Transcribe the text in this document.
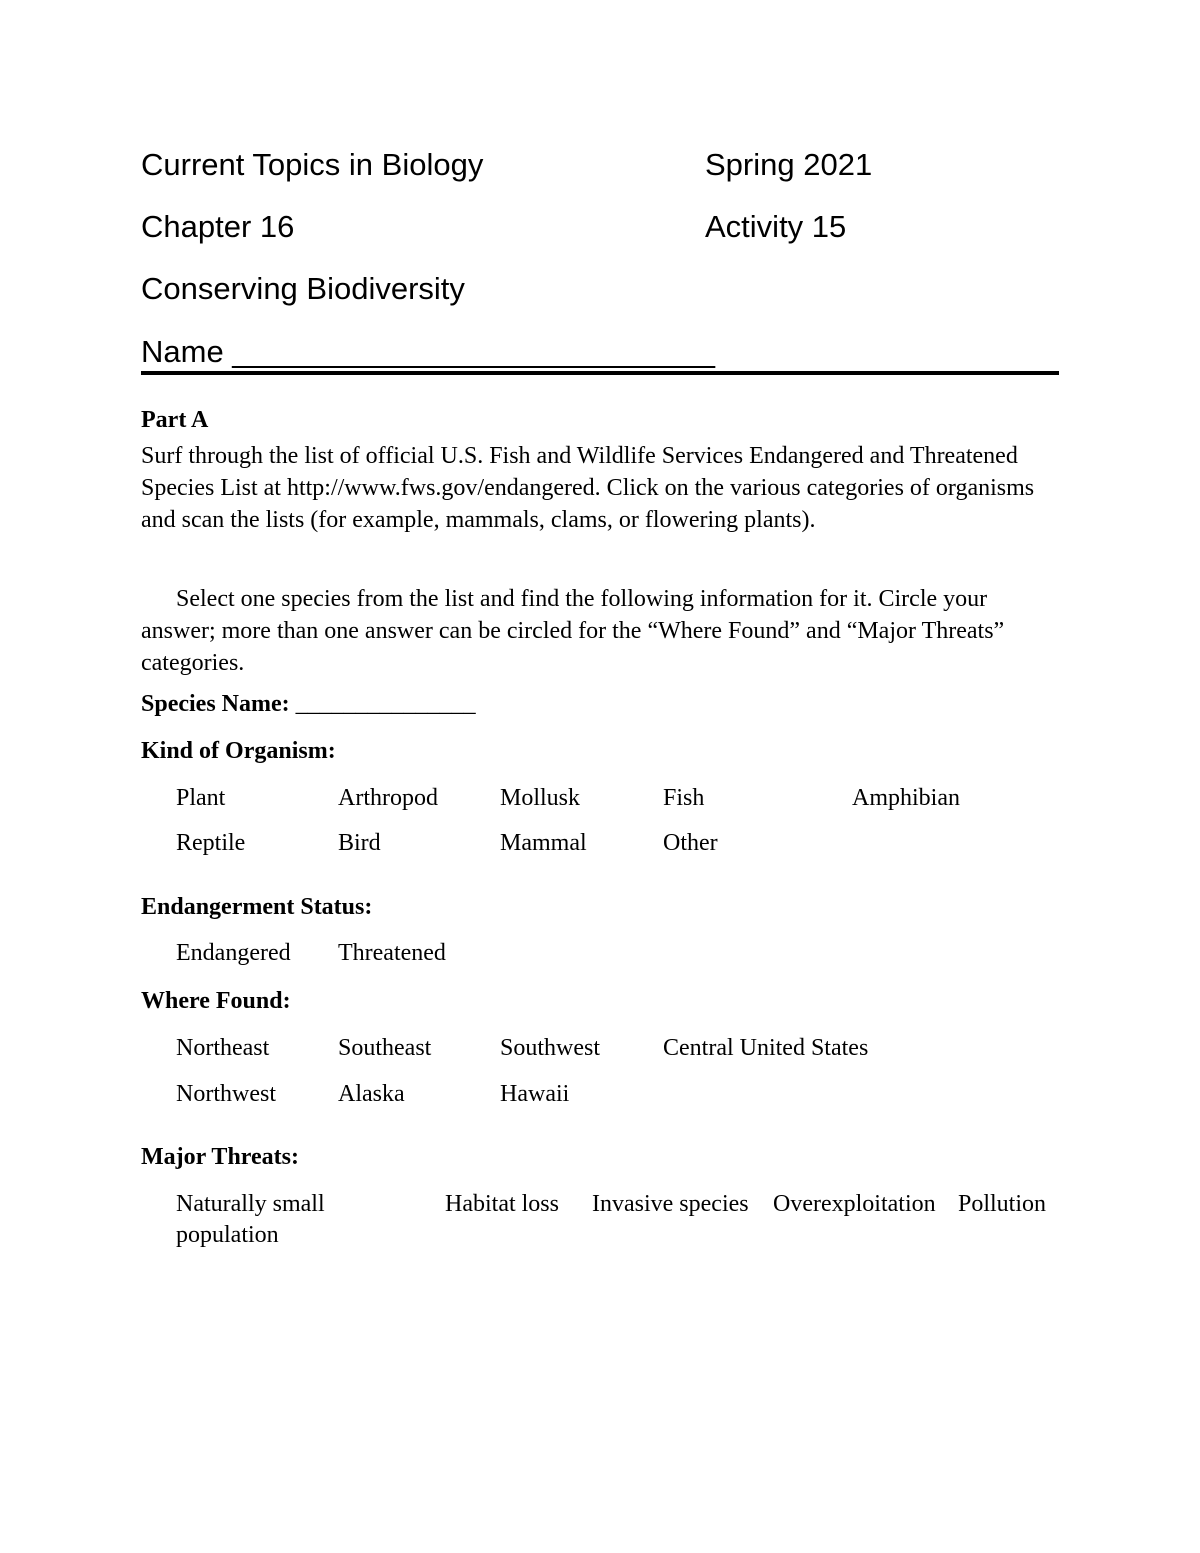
Current Topics in Biology	Spring 2021
Chapter 16	Activity 15
Conserving Biodiversity
Name ____________________________
Part A
Surf through the list of official U.S. Fish and Wildlife Services Endangered and Threatened Species List at http://www.fws.gov/endangered. Click on the various categories of organisms and scan the lists (for example, mammals, clams, or flowering plants).
Select one species from the list and find the following information for it. Circle your answer; more than one answer can be circled for the “Where Found” and “Major Threats” categories.
Species Name: _______________
Kind of Organism:
Plant	Arthropod	Mollusk	Fish	Amphibian
Reptile	Bird	Mammal	Other
Endangerment Status:
Endangered Threatened
Where Found:
Northeast	Southeast	Southwest	Central United States
Northwest	Alaska	Hawaii
Major Threats:
Naturally small
population
Habitat loss Invasive species Overexploitation Pollution
